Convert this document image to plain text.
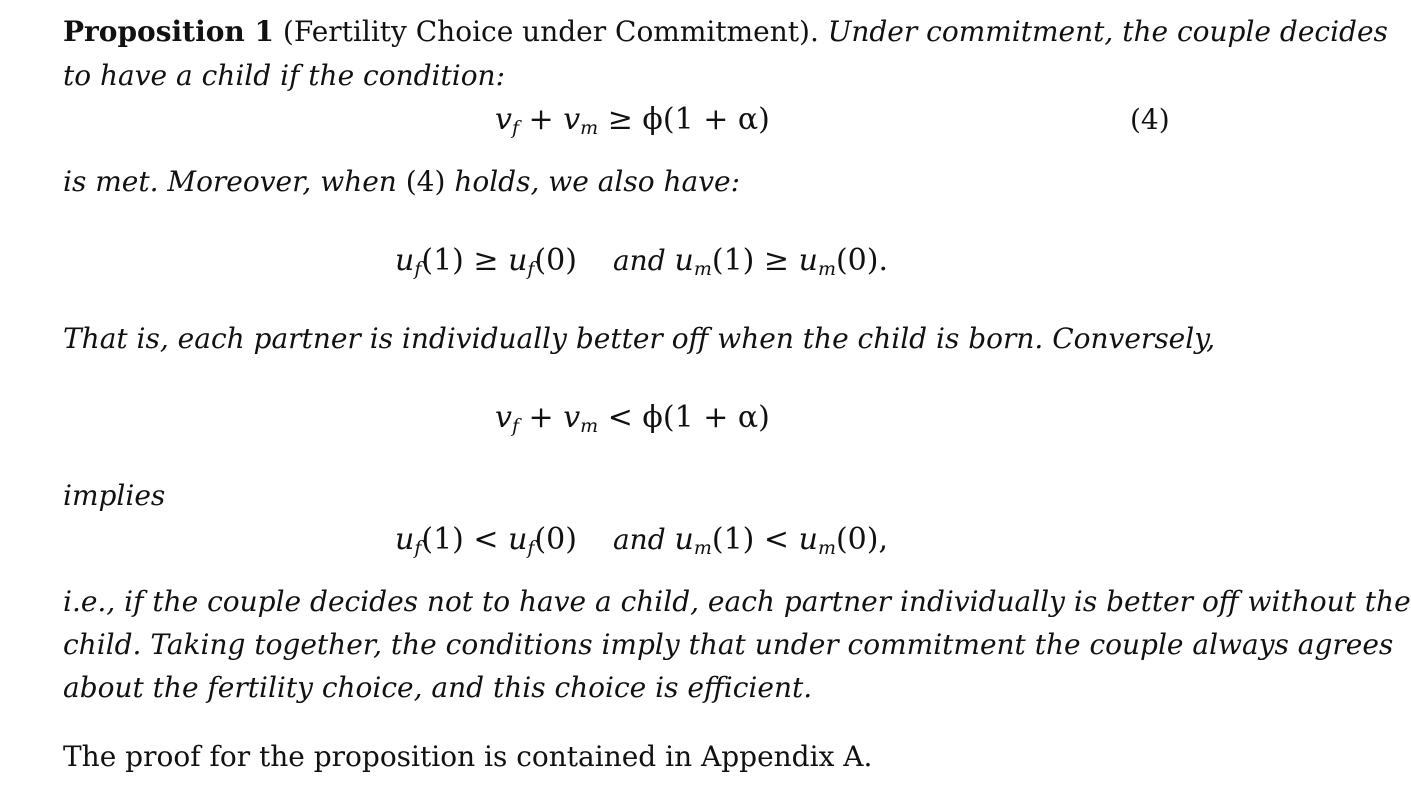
Proposition 1 (Fertility Choice under Commitment). Under commitment, the couple decides
to have a child if the condition:
$v_f + v_m \ge \phi(1 + \alpha)$	(4)
is met. Moreover, when (4) holds, we also have:
$u_f(1) \ge u_f(0)$ and $u_m(1) \ge u_m(0)$.
That is, each partner is individually better off when the child is born. Conversely,
$v_f + v_m < \phi(1 + \alpha)$
implies
$u_f(1) < u_f(0)$ and $u_m(1) < u_m(0)$,
i.e., if the couple decides not to have a child, each partner individually is better off without the
child. Taking together, the conditions imply that under commitment the couple always agrees
about the fertility choice, and this choice is efficient.
The proof for the proposition is contained in Appendix A.
